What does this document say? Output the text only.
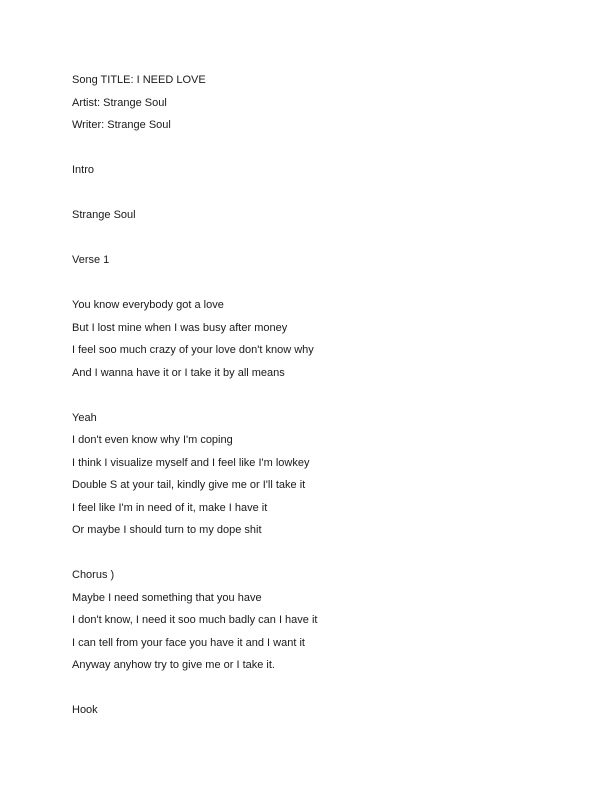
Song TITLE: I NEED LOVE

Artist: Strange Soul

Writer: Strange Soul

Intro

Strange Soul

Verse 1

You know everybody got a love

But I lost mine when I was busy after money

I feel soo much crazy of your love don't know why

And I wanna have it or I take it by all means

Yeah

I don't even know why I'm coping

I think I visualize myself and I feel like I'm lowkey

Double S at your tail, kindly give me or I'll take it

I feel like I'm in need of it, make I have it

Or maybe I should turn to my dope shit

Chorus )

Maybe I need something that you have

I don't know, I need it soo much badly can I have it

I can tell from your face you have it and I want it

Anyway anyhow try to give me or I take it.

Hook
